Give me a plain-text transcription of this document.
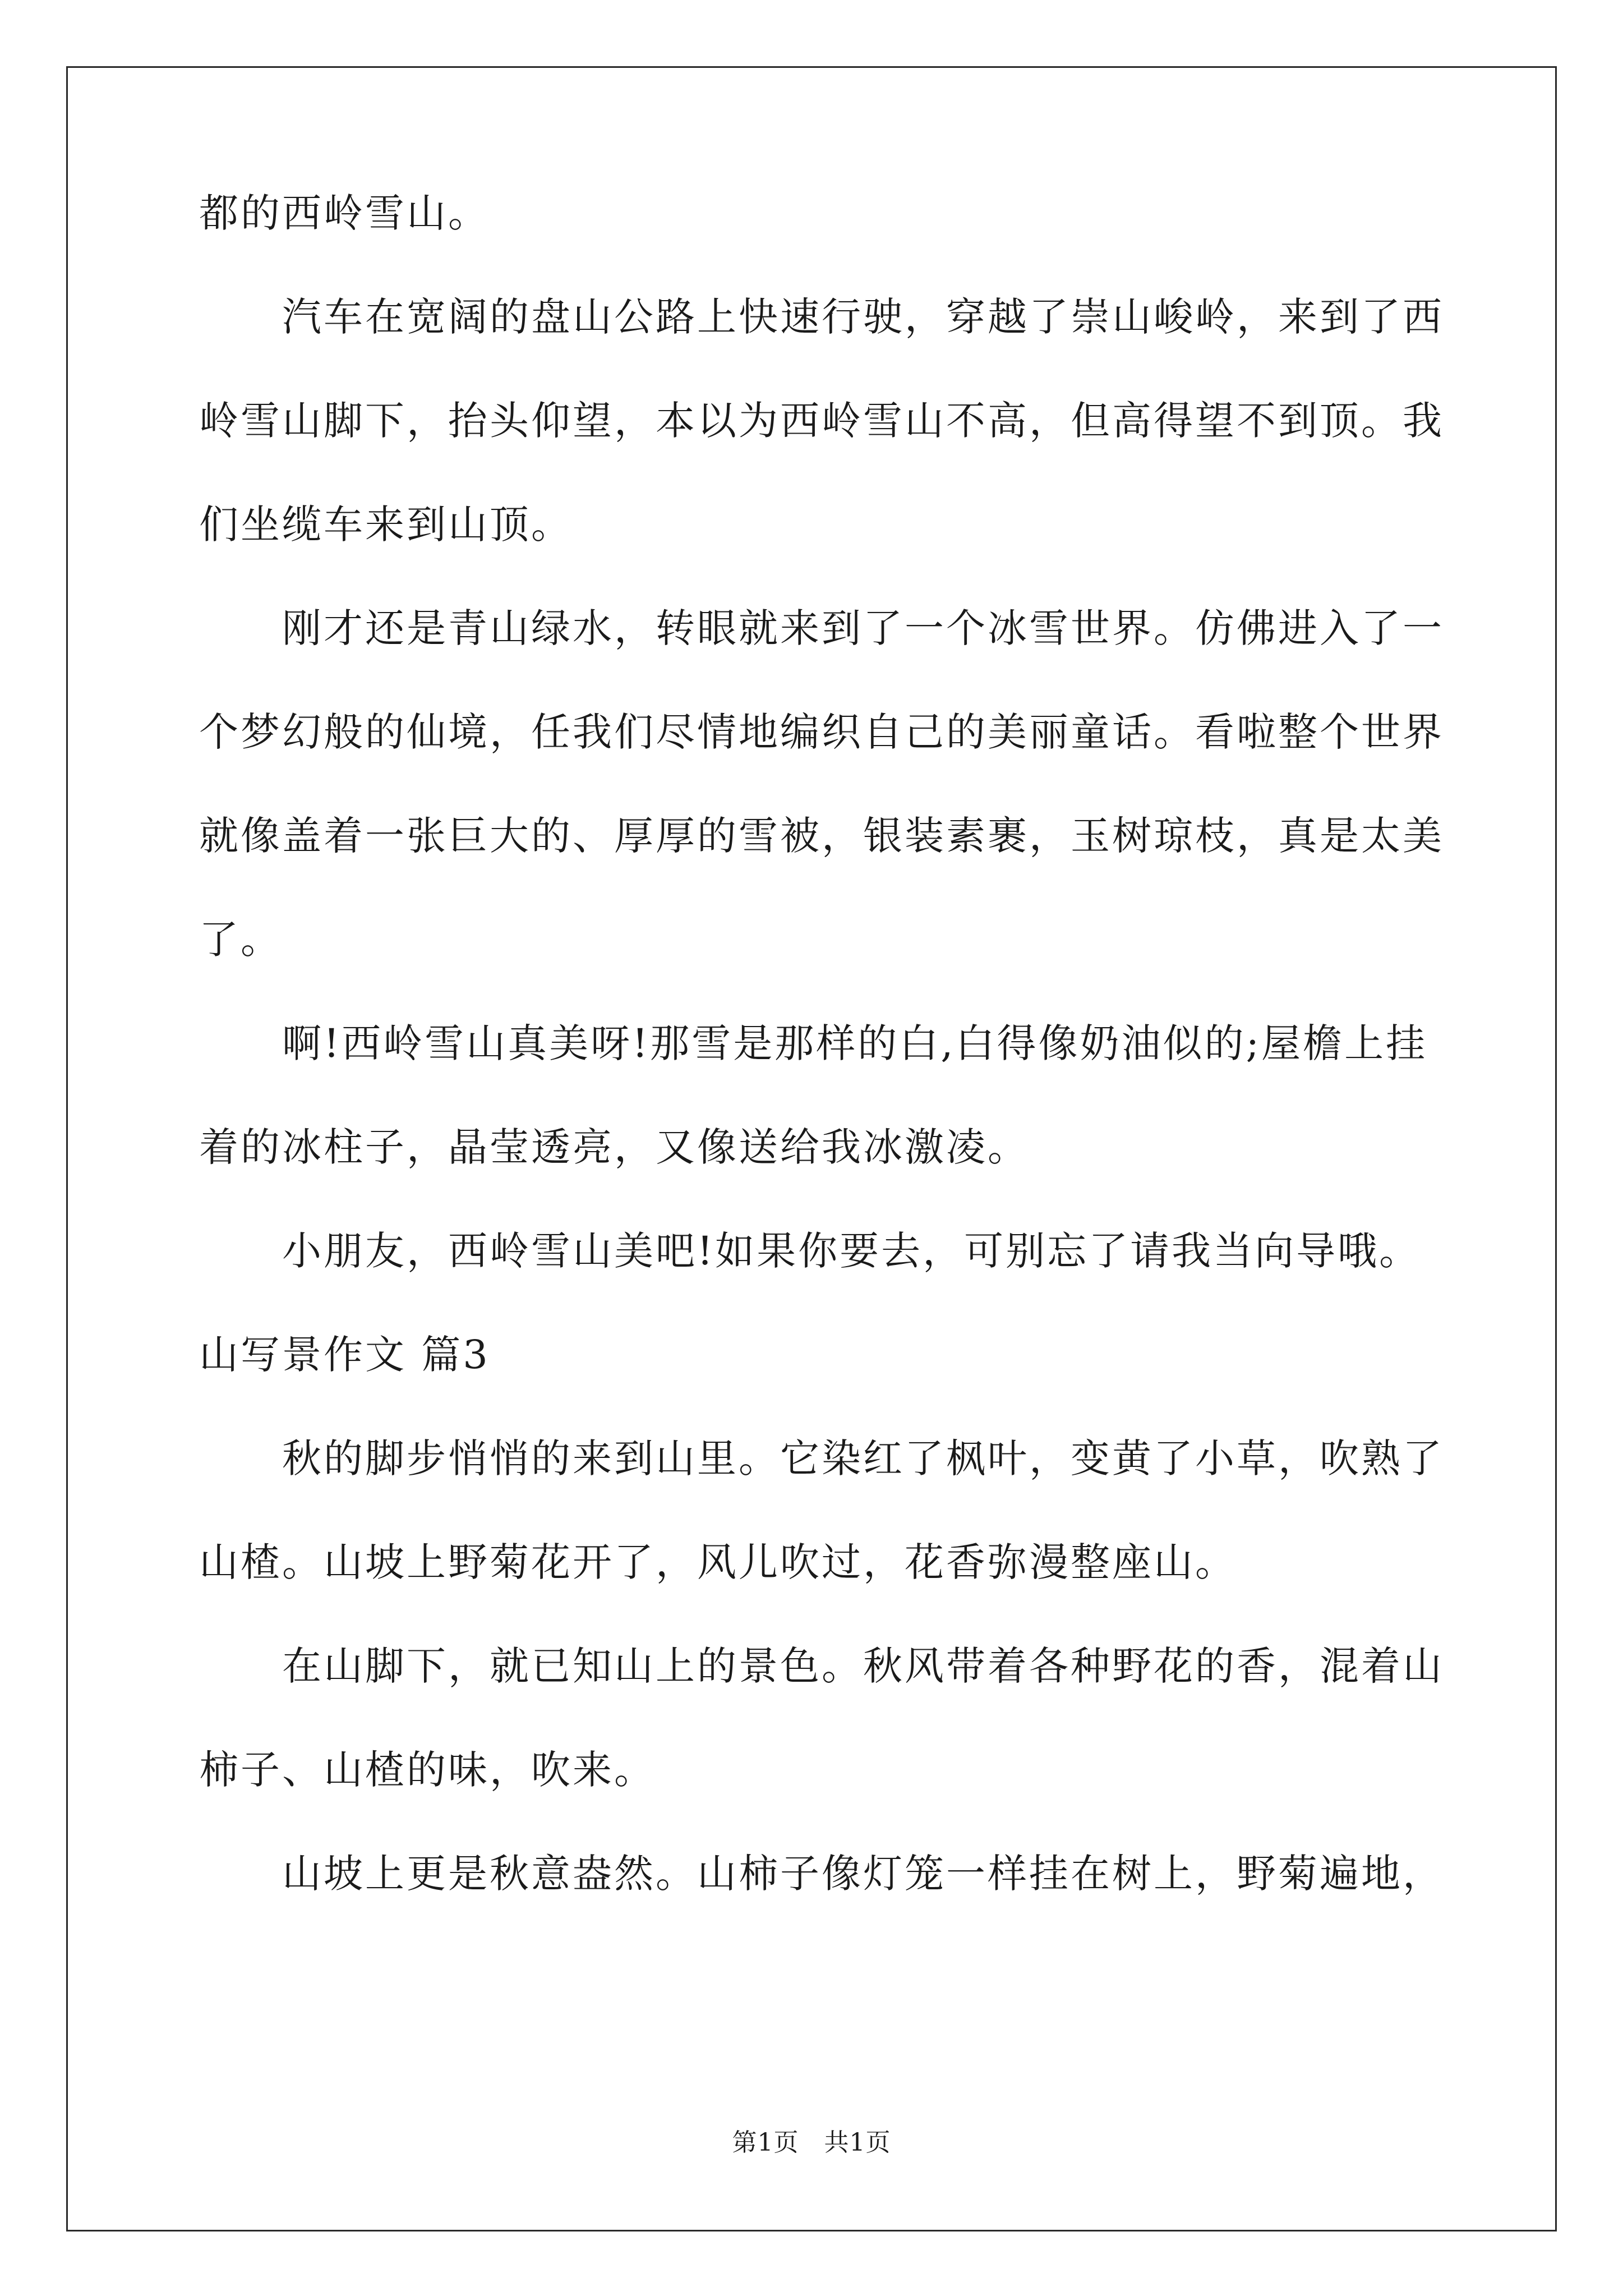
都的西岭雪山。
汽车在宽阔的盘山公路上快速行驶，穿越了崇山峻岭，来到了西
岭雪山脚下，抬头仰望，本以为西岭雪山不高，但高得望不到顶。我
们坐缆车来到山顶。
刚才还是青山绿水，转眼就来到了一个冰雪世界。仿佛进入了一
个梦幻般的仙境，任我们尽情地编织自己的美丽童话。看啦整个世界
就像盖着一张巨大的、厚厚的雪被，银装素裹，玉树琼枝，真是太美
了。
啊!西岭雪山真美呀!那雪是那样的白,白得像奶油似的;屋檐上挂
着的冰柱子，晶莹透亮，又像送给我冰激凌。
小朋友，西岭雪山美吧!如果你要去，可别忘了请我当向导哦。
山写景作文 篇3
秋的脚步悄悄的来到山里。它染红了枫叶，变黄了小草，吹熟了
山楂。山坡上野菊花开了，风儿吹过，花香弥漫整座山。
在山脚下，就已知山上的景色。秋风带着各种野花的香，混着山
柿子、山楂的味，吹来。
山坡上更是秋意盎然。山柿子像灯笼一样挂在树上，野菊遍地，
第1页　共1页
